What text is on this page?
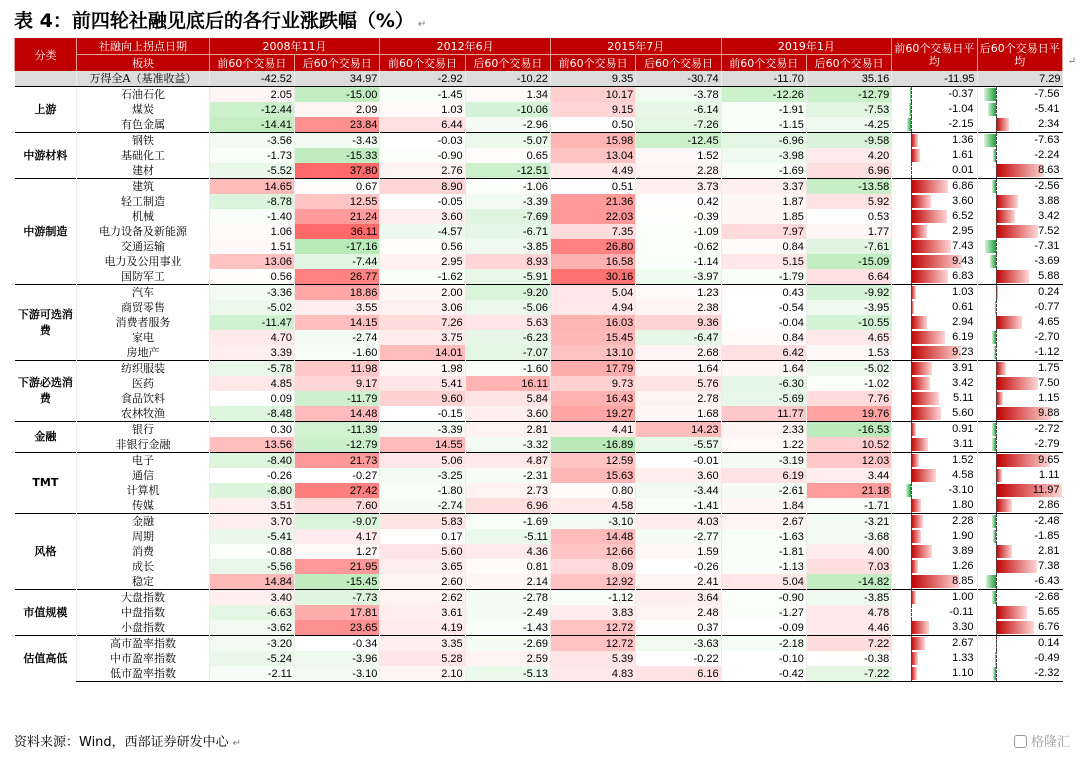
表 4：前四轮社融见底后的各行业涨跌幅（%） ↵
分类	社融向上拐点日期	2008年11月		2012年6月		2015年7月		2019年1月		前60个交易日平均	后60个交易日平均
	板块	前60个交易日	后60个交易日	前60个交易日	后60个交易日	前60个交易日	后60个交易日	前60个交易日	后60个交易日		
	万得全A（基准收益）	-42.52	34.97	-2.92	-10.22	9.35	-30.74	-11.70	35.16	-11.95	7.29
上游	石油石化	2.05	-15.00	-1.45	1.34	10.17	-3.78	-12.26	-12.79	-0.37	-7.56

	煤炭	-12.44	2.09	1.03	-10.06	9.15	-6.14	-1.91	-7.53	-1.04	-5.41

	有色金属	-14.41	23.84	6.44	-2.96	0.50	-7.26	-1.15	-4.25	-2.15	2.34

中游材料	钢铁	-3.56	-3.43	-0.03	-5.07	15.98	-12.45	-6.96	-9.58	1.36	-7.63

	基础化工	-1.73	-15.33	-0.90	0.65	13.04	1.52	-3.98	4.20	1.61	-2.24

	建材	-5.52	37.80	2.76	-12.51	4.49	2.28	-1.69	6.96	0.01	8.63

中游制造	建筑	14.65	0.67	8.90	-1.06	0.51	3.73	3.37	-13.58	6.86	-2.56

	轻工制造	-8.78	12.55	-0.05	-3.39	21.36	0.42	1.87	5.92	3.60	3.88

	机械	-1.40	21.24	3.60	-7.69	22.03	-0.39	1.85	0.53	6.52	3.42

	电力设备及新能源	1.06	36.11	-4.57	-6.71	7.35	-1.09	7.97	1.77	2.95	7.52

	交通运输	1.51	-17.16	0.56	-3.85	26.80	-0.62	0.84	-7.61	7.43	-7.31

	电力及公用事业	13.06	-7.44	2.95	8.93	16.58	-1.14	5.15	-15.09	9.43	-3.69

	国防军工	0.56	26.77	-1.62	-5.91	30.16	-3.97	-1.79	6.64	6.83	5.88

下游可选消费	汽车	-3.36	18.86	2.00	-9.20	5.04	1.23	0.43	-9.92	1.03	0.24

	商贸零售	-5.02	3.55	3.06	-5.06	4.94	2.38	-0.54	-3.95	0.61	-0.77

	消费者服务	-11.47	14.15	7.26	5.63	16.03	9.36	-0.04	-10.55	2.94	4.65

	家电	4.70	-2.74	3.75	-6.23	15.45	-6.47	0.84	4.65	6.19	-2.70

	房地产	3.39	-1.60	14.01	-7.07	13.10	2.68	6.42	1.53	9.23	-1.12

下游必选消费	纺织服装	-5.78	11.98	1.98	-1.60	17.79	1.64	1.64	-5.02	3.91	1.75

	医药	4.85	9.17	5.41	16.11	9.73	5.76	-6.30	-1.02	3.42	7.50

	食品饮料	0.09	-11.79	9.60	5.84	16.43	2.78	-5.69	7.76	5.11	1.15

	农林牧渔	-8.48	14.48	-0.15	3.60	19.27	1.68	11.77	19.76	5.60	9.88

金融	银行	0.30	-11.39	-3.39	2.81	4.41	14.23	2.33	-16.53	0.91	-2.72

	非银行金融	13.56	-12.79	14.55	-3.32	-16.89	-5.57	1.22	10.52	3.11	-2.79

TMT	电子	-8.40	21.73	5.06	4.87	12.59	-0.01	-3.19	12.03	1.52	9.65

	通信	-0.26	-0.27	-3.25	-2.31	15.63	3.60	6.19	3.44	4.58	1.11

	计算机	-8.80	27.42	-1.80	2.73	0.80	-3.44	-2.61	21.18	-3.10	11.97

	传媒	3.51	7.60	-2.74	6.96	4.58	-1.41	1.84	-1.71	1.80	2.86

风格	金融	3.70	-9.07	5.83	-1.69	-3.10	4.03	2.67	-3.21	2.28	-2.48

	周期	-5.41	4.17	0.17	-5.11	14.48	-2.77	-1.63	-3.68	1.90	-1.85

	消费	-0.88	1.27	5.60	4.36	12.66	1.59	-1.81	4.00	3.89	2.81

	成长	-5.56	21.95	3.65	0.81	8.09	-0.26	-1.13	7.03	1.26	7.38

	稳定	14.84	-15.45	2.60	2.14	12.92	2.41	5.04	-14.82	8.85	-6.43

市值规模	大盘指数	3.40	-7.73	2.62	-2.78	-1.12	3.64	-0.90	-3.85	1.00	-2.68

	中盘指数	-6.63	17.81	3.61	-2.49	3.83	2.48	-1.27	4.78	-0.11	5.65

	小盘指数	-3.62	23.65	4.19	-1.43	12.72	0.37	-0.09	4.46	3.30	6.76

估值高低	高市盈率指数	-3.20	-0.34	3.35	-2.69	12.72	-3.63	-2.18	7.22	2.67	0.14

	中市盈率指数	-5.24	-3.96	5.28	2.59	5.39	-0.22	-0.10	-0.38	1.33	-0.49

	低市盈率指数	-2.11	-3.10	2.10	-5.13	4.83	6.16	-0.42	-7.22	1.10	-2.32
↵
资料来源：Wind，西部证券研发中心 ↵	格隆汇
